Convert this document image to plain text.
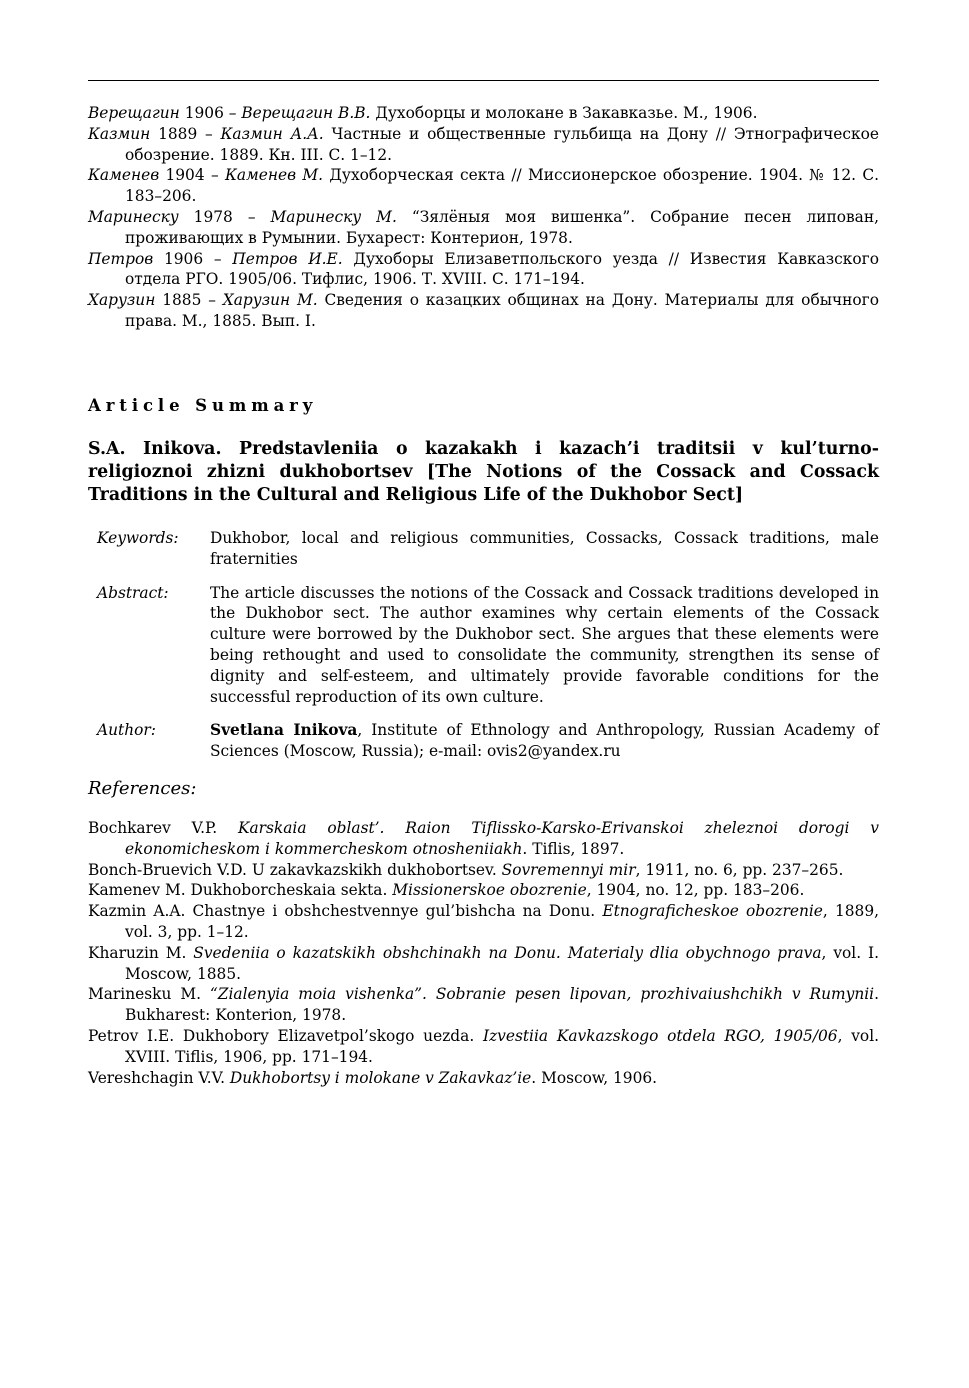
Верещагин 1906 – Верещагин В.В. Духоборцы и молокане в Закавказье. М., 1906.
Казмин 1889 – Казмин А.А. Частные и общественные гульбища на Дону // Этнографическое обозрение. 1889. Кн. III. С. 1–12.
Каменев 1904 – Каменев М. Духоборческая секта // Миссионерское обозрение. 1904. № 12. С. 183–206.
Маринеску 1978 – Маринеску М. “Зялёныя моя вишенка”. Собрание песен липован, проживающих в Румынии. Бухарест: Контерион, 1978.
Петров 1906 – Петров И.Е. Духоборы Елизаветпольского уезда // Известия Кавказского отдела РГО. 1905/06. Тифлис, 1906. Т. XVIII. С. 171–194.
Харузин 1885 – Харузин М. Сведения о казацких общинах на Дону. Материалы для обычного права. М., 1885. Вып. I.
Article Summary
S.A. Inikova. Predstavleniia o kazakakh i kazach’i traditsii v kul’turno-religioznoi zhizni dukhobortsev [The Notions of the Cossack and Cossack Traditions in the Cultural and Religious Life of the Dukhobor Sect]
Keywords:	Dukhobor, local and religious communities, Cossacks, Cossack traditions, male fraternities
Abstract:	The article discusses the notions of the Cossack and Cossack traditions developed in the Dukhobor sect. The author examines why certain elements of the Cossack culture were borrowed by the Dukhobor sect. She argues that these elements were being rethought and used to consolidate the community, strengthen its sense of dignity and self-esteem, and ultimately provide favorable conditions for the successful reproduction of its own culture.
Author:	Svetlana Inikova, Institute of Ethnology and Anthropology, Russian Academy of Sciences (Moscow, Russia); e-mail: ovis2@yandex.ru
References:
Bochkarev V.P. Karskaia oblast’. Raion Tiflissko-Karsko-Erivanskoi zheleznoi dorogi v ekonomicheskom i kommercheskom otnosheniiakh. Tiflis, 1897.
Bonch-Bruevich V.D. U zakavkazskikh dukhobortsev. Sovremennyi mir, 1911, no. 6, pp. 237–265.
Kamenev M. Dukhoborcheskaia sekta. Missionerskoe obozrenie, 1904, no. 12, pp. 183–206.
Kazmin A.A. Chastnye i obshchestvennye gul’bishcha na Donu. Etnograficheskoe obozrenie, 1889, vol. 3, pp. 1–12.
Kharuzin M. Svedeniia o kazatskikh obshchinakh na Donu. Materialy dlia obychnogo prava, vol. I. Moscow, 1885.
Marinesku M. “Zialenyia moia vishenka”. Sobranie pesen lipovan, prozhivaiushchikh v Rumynii. Bukharest: Konterion, 1978.
Petrov I.E. Dukhobory Elizavetpol’skogo uezda. Izvestiia Kavkazskogo otdela RGO, 1905/06, vol. XVIII. Tiflis, 1906, pp. 171–194.
Vereshchagin V.V. Dukhobortsy i molokane v Zakavkaz’ie. Moscow, 1906.
